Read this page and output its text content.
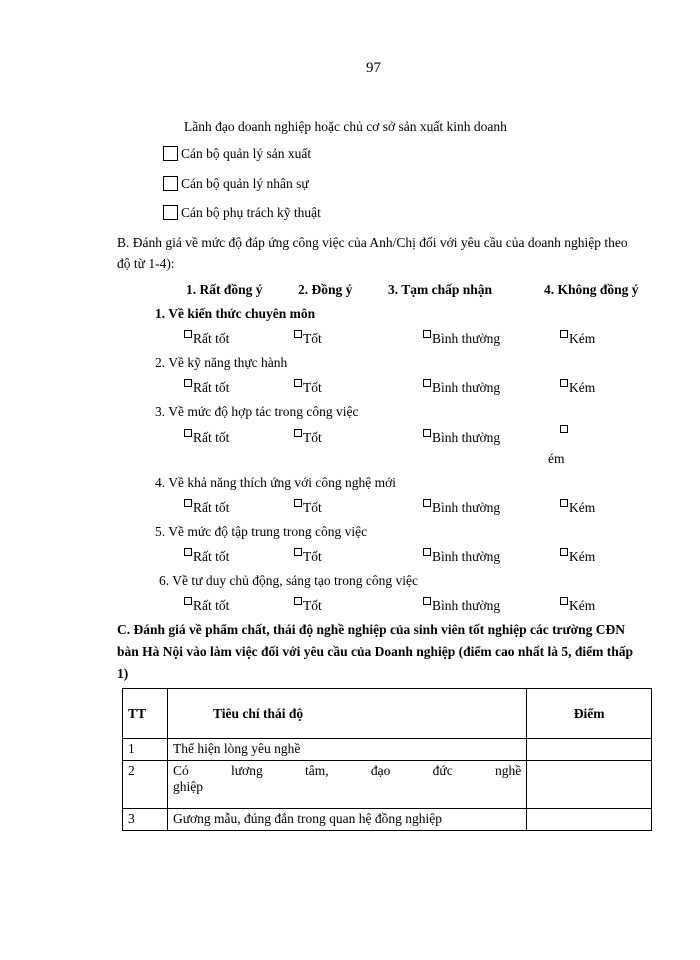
97
Lãnh đạo doanh nghiệp hoặc chủ cơ sở sản xuất kinh doanh
Cán bộ quản lý sản xuất
Cán bộ quản lý nhân sự
Cán bộ phụ trách kỹ thuật
B. Đánh giá về mức độ đáp ứng công việc của Anh/Chị đối với yêu cầu của doanh nghiệp theo
độ từ 1-4):
1. Rất đồng ý	2. Đồng ý	3. Tạm chấp nhận	4. Không đồng ý
1. Về kiến thức chuyên môn
Rất tốt	Tốt	Bình thường	Kém
2. Về kỹ năng thực hành
Rất tốt	Tốt	Bình thường	Kém
3. Về mức độ hợp tác trong công việc
Rất tốt	Tốt	Bình thường
ém
4. Về khả năng thích ứng với công nghệ mới
Rất tốt	Tốt	Bình thường	Kém
5. Về mức độ tập trung trong công việc
Rất tốt	Tốt	Bình thường	Kém
6. Về tư duy chủ động, sáng tạo trong công việc
Rất tốt	Tốt	Bình thường	Kém
C. Đánh giá về phẩm chất, thái độ nghề nghiệp của sinh viên tốt nghiệp các trường CĐN
bàn Hà Nội vào làm việc đối với yêu cầu của Doanh nghiệp (điểm cao nhất là 5, điểm thấp
1)
TT	Tiêu chí thái độ	Điểm
1	Thể hiện lòng yêu nghề	
2	Có lương tâm, đạo đức nghề
ghiệp	

3	Gương mẫu, đúng đắn trong quan hệ đồng nghiệp	
